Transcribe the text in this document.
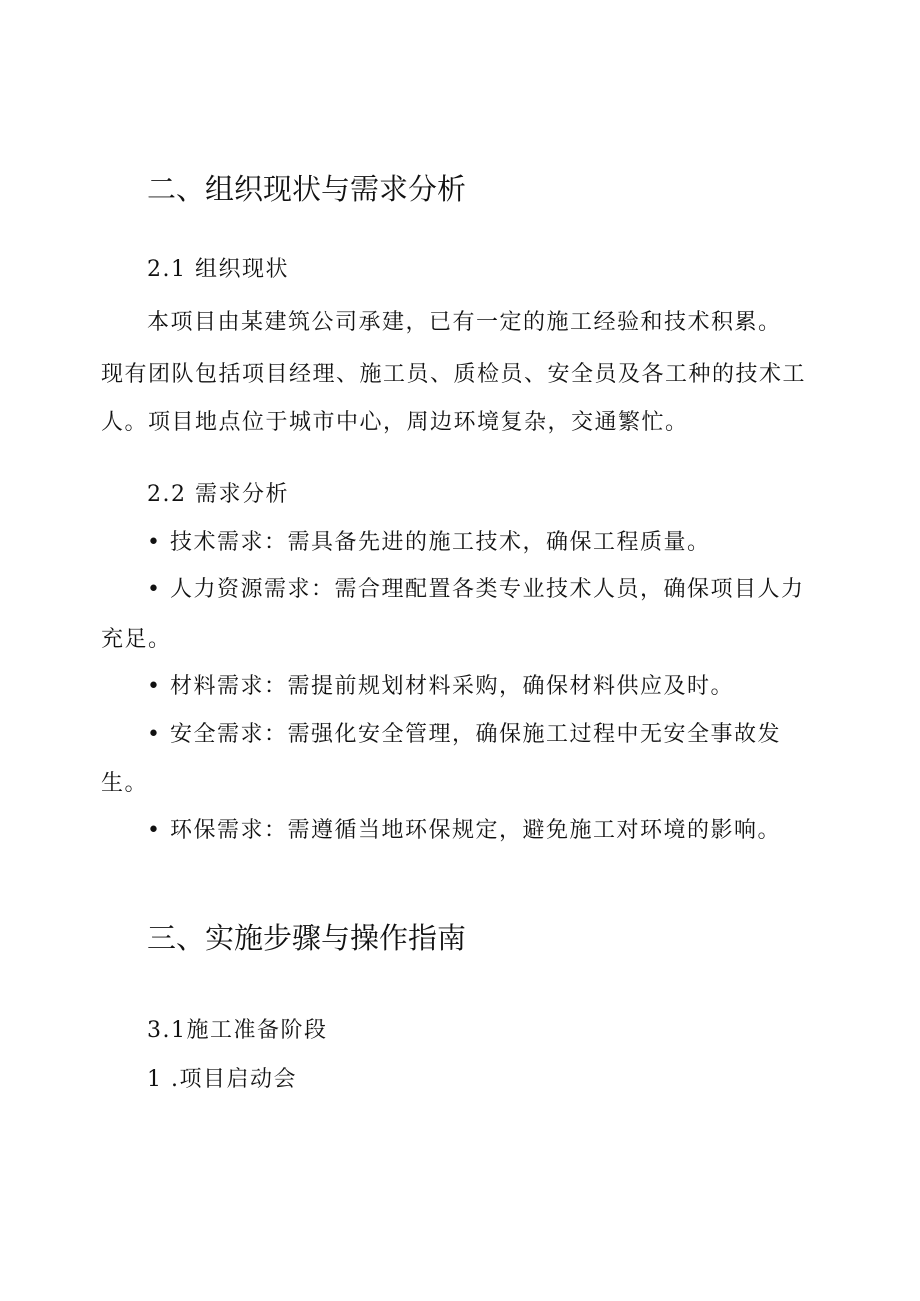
二、组织现状与需求分析
2.1 组织现状
本项目由某建筑公司承建，已有一定的施工经验和技术积累。
现有团队包括项目经理、施工员、质检员、安全员及各工种的技术工
人。项目地点位于城市中心，周边环境复杂，交通繁忙。
2.2 需求分析
• 技术需求：需具备先进的施工技术，确保工程质量。
• 人力资源需求：需合理配置各类专业技术人员，确保项目人力
充足。
• 材料需求：需提前规划材料采购，确保材料供应及时。
• 安全需求：需强化安全管理，确保施工过程中无安全事故发
生。
• 环保需求：需遵循当地环保规定，避免施工对环境的影响。
三、实施步骤与操作指南
3.1施工准备阶段
1 .项目启动会
